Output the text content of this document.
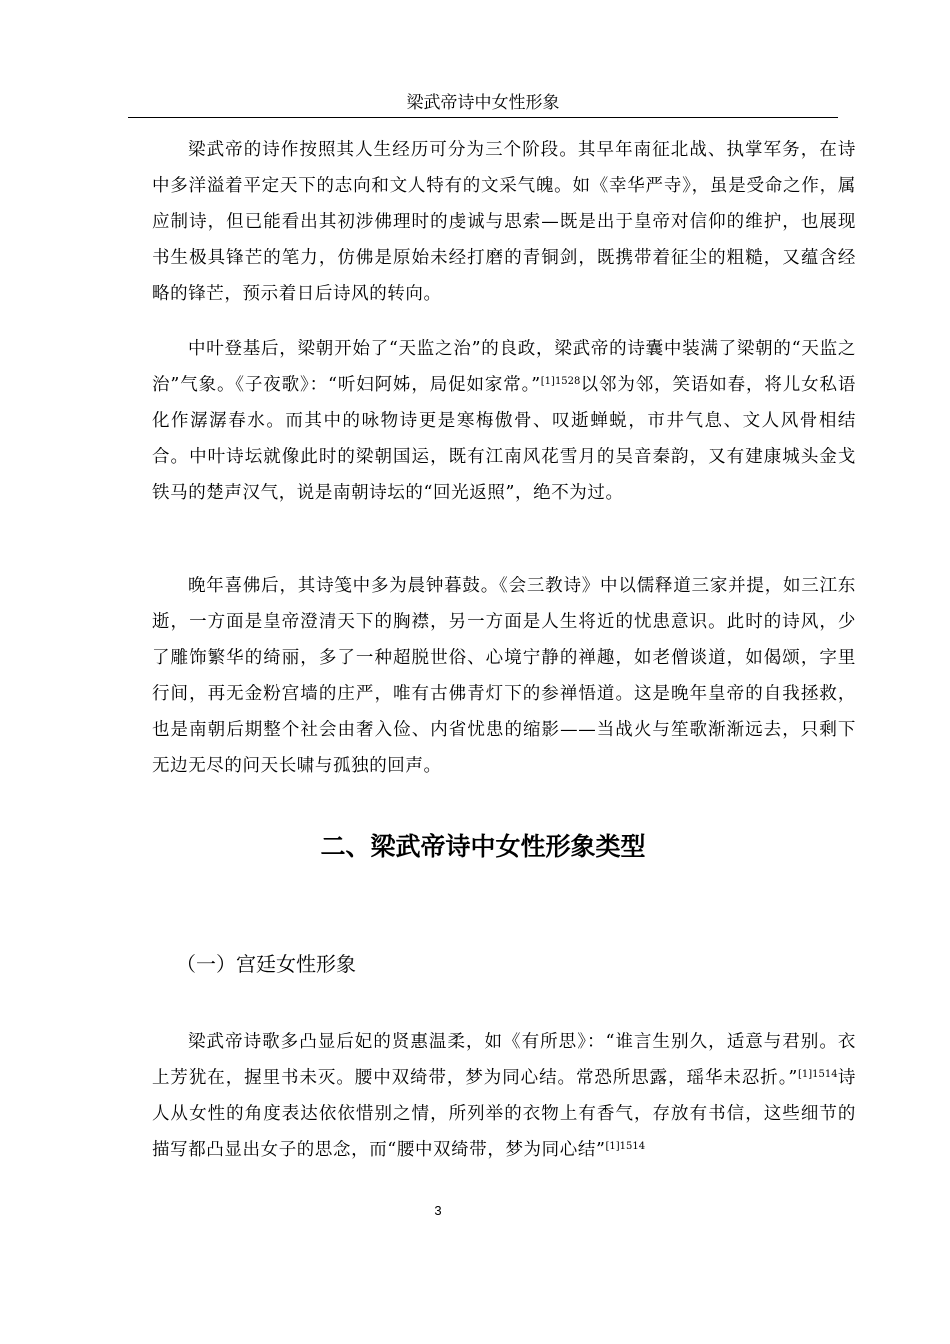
梁武帝诗中女性形象

梁武帝的诗作按照其人生经历可分为三个阶段。其早年南征北战、执掌军务，在诗中多洋溢着平定天下的志向和文人特有的文采气魄。如《幸华严寺》，虽是受命之作，属应制诗，但已能看出其初涉佛理时的虔诚与思索—既是出于皇帝对信仰的维护，也展现书生极具锋芒的笔力，仿佛是原始未经打磨的青铜剑，既携带着征尘的粗糙，又蕴含经略的锋芒，预示着日后诗风的转向。

中叶登基后，梁朝开始了“天监之治”的良政，梁武帝的诗囊中装满了梁朝的“天监之治”气象。《子夜歌》：“听妇阿姊，局促如家常。”$^{[1]1528}$以邻为邻，笑语如春，将儿女私语化作潺潺春水。而其中的咏物诗更是寒梅傲骨、叹逝蝉蜕，市井气息、文人风骨相结合。中叶诗坛就像此时的梁朝国运，既有江南风花雪月的吴音秦韵，又有建康城头金戈铁马的楚声汉气，说是南朝诗坛的“回光返照”，绝不为过。

晚年喜佛后，其诗笺中多为晨钟暮鼓。《会三教诗》中以儒释道三家并提，如三江东逝，一方面是皇帝澄清天下的胸襟，另一方面是人生将近的忧患意识。此时的诗风，少了雕饰繁华的绮丽，多了一种超脱世俗、心境宁静的禅趣，如老僧谈道，如偈颂，字里行间，再无金粉宫墙的庄严，唯有古佛青灯下的参禅悟道。这是晚年皇帝的自我拯救，也是南朝后期整个社会由奢入俭、内省忧患的缩影——当战火与笙歌渐渐远去，只剩下无边无尽的问天长啸与孤独的回声。

二、梁武帝诗中女性形象类型
（一）宫廷女性形象

梁武帝诗歌多凸显后妃的贤惠温柔，如《有所思》：“谁言生别久，适意与君别。衣上芳犹在，握里书未灭。腰中双绮带，梦为同心结。常恐所思露，瑶华未忍折。”$^{[1]1514}$诗人从女性的角度表达依依惜别之情，所列举的衣物上有香气，存放有书信，这些细节的描写都凸显出女子的思念，而“腰中双绮带，梦为同心结”$^{[1]1514}$

3
